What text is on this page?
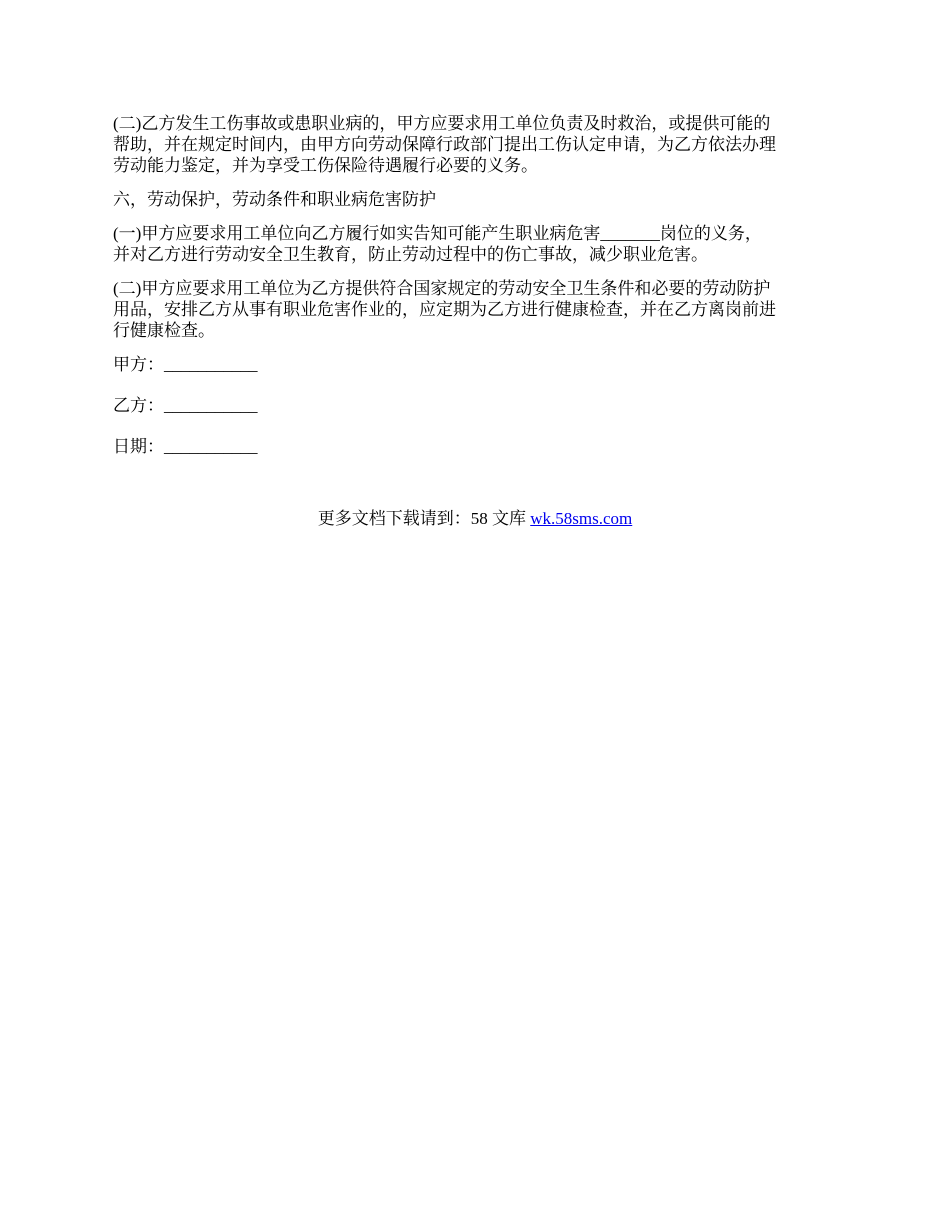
(二)乙方发生工伤事故或患职业病的，甲方应要求用工单位负责及时救治，或提供可能的
帮助，并在规定时间内，由甲方向劳动保障行政部门提出工伤认定申请，为乙方依法办理
劳动能力鉴定，并为享受工伤保险待遇履行必要的义务。

六，劳动保护，劳动条件和职业病危害防护

(一)甲方应要求用工单位向乙方履行如实告知可能产生职业病危害_______岗位的义务，
并对乙方进行劳动安全卫生教育，防止劳动过程中的伤亡事故，减少职业危害。

(二)甲方应要求用工单位为乙方提供符合国家规定的劳动安全卫生条件和必要的劳动防护
用品，安排乙方从事有职业危害作业的，应定期为乙方进行健康检查，并在乙方离岗前进
行健康检查。

甲方：___________

乙方：___________

日期：___________

更多文档下载请到：58 文库 wk.58sms.com
